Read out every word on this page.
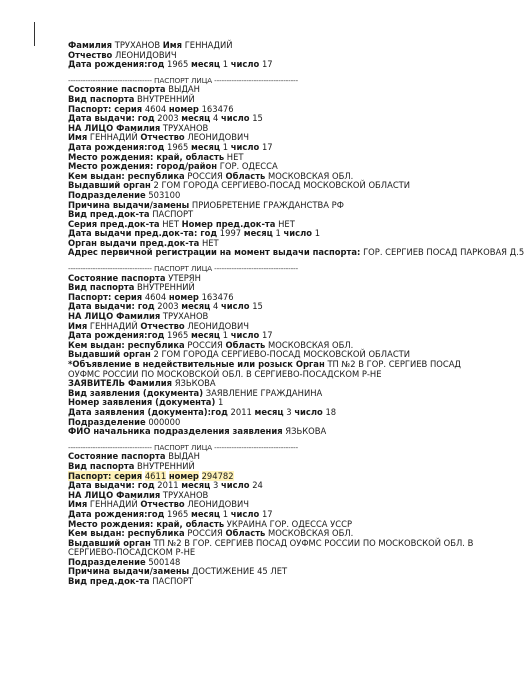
Фамилия ТРУХАНОВ Имя ГЕННАДИЙ
Отчество ЛЕОНИДОВИЧ
Дата рождения:год 1965 месяц 1 число 17
---------------------------------- ПАСПОРТ ЛИЦА ----------------------------------
Состояние паспорта ВЫДАН
Вид паспорта ВНУТРЕННИЙ
Паспорт: серия 4604 номер 163476
Дата выдачи: год 2003 месяц 4 число 15
НА ЛИЦО Фамилия ТРУХАНОВ
Имя ГЕННАДИЙ Отчество ЛЕОНИДОВИЧ
Дата рождения:год 1965 месяц 1 число 17
Место рождения: край, область НЕТ
Место рождения: город/район ГОР. ОДЕССА
Кем выдан: республика РОССИЯ Область МОСКОВСКАЯ ОБЛ.
Выдавший орган 2 ГОМ ГОРОДА СЕРГИЕВО-ПОСАД МОСКОВСКОЙ ОБЛАСТИ
Подразделение 503100
Причина выдачи/замены ПРИОБРЕТЕНИЕ ГРАЖДАНСТВА РФ
Вид пред.док-та ПАСПОРТ
Серия пред.док-та НЕТ Номер пред.док-та НЕТ
Дата выдачи пред.док-та: год 1997 месяц 1 число 1
Орган выдачи пред.док-та НЕТ
Адрес первичной регистрации на момент выдачи паспорта: ГОР. СЕРГИЕВ ПОСАД ПАРКОВАЯ Д.5
---------------------------------- ПАСПОРТ ЛИЦА ----------------------------------
Состояние паспорта УТЕРЯН
Вид паспорта ВНУТРЕННИЙ
Паспорт: серия 4604 номер 163476
Дата выдачи: год 2003 месяц 4 число 15
НА ЛИЦО Фамилия ТРУХАНОВ
Имя ГЕННАДИЙ Отчество ЛЕОНИДОВИЧ
Дата рождения:год 1965 месяц 1 число 17
Кем выдан: республика РОССИЯ Область МОСКОВСКАЯ ОБЛ.
Выдавший орган 2 ГОМ ГОРОДА СЕРГИЕВО-ПОСАД МОСКОВСКОЙ ОБЛАСТИ
*Объявление в недействительные или розыск Орган ТП №2 В ГОР. СЕРГИЕВ ПОСАД ОУФМС РОССИИ ПО МОСКОВСКОЙ ОБЛ. В СЕРГИЕВО-ПОСАДСКОМ Р-НЕ
ЗАЯВИТЕЛЬ Фамилия ЯЗЬКОВА
Вид заявления (документа) ЗАЯВЛЕНИЕ ГРАЖДАНИНА
Номер заявления (документа) 1
Дата заявления (документа):год 2011 месяц 3 число 18
Подразделение 000000
ФИО начальника подразделения заявления ЯЗЬКОВА
---------------------------------- ПАСПОРТ ЛИЦА ----------------------------------
Состояние паспорта ВЫДАН
Вид паспорта ВНУТРЕННИЙ
Паспорт: серия 4611 номер 294782
Дата выдачи: год 2011 месяц 3 число 24
НА ЛИЦО Фамилия ТРУХАНОВ
Имя ГЕННАДИЙ Отчество ЛЕОНИДОВИЧ
Дата рождения:год 1965 месяц 1 число 17
Место рождения: край, область УКРАИНА ГОР. ОДЕССА УССР
Кем выдан: республика РОССИЯ Область МОСКОВСКАЯ ОБЛ.
Выдавший орган ТП №2 В ГОР. СЕРГИЕВ ПОСАД ОУФМС РОССИИ ПО МОСКОВСКОЙ ОБЛ. В СЕРГИЕВО-ПОСАДСКОМ Р-НЕ
Подразделение 500148
Причина выдачи/замены ДОСТИЖЕНИЕ 45 ЛЕТ
Вид пред.док-та ПАСПОРТ
